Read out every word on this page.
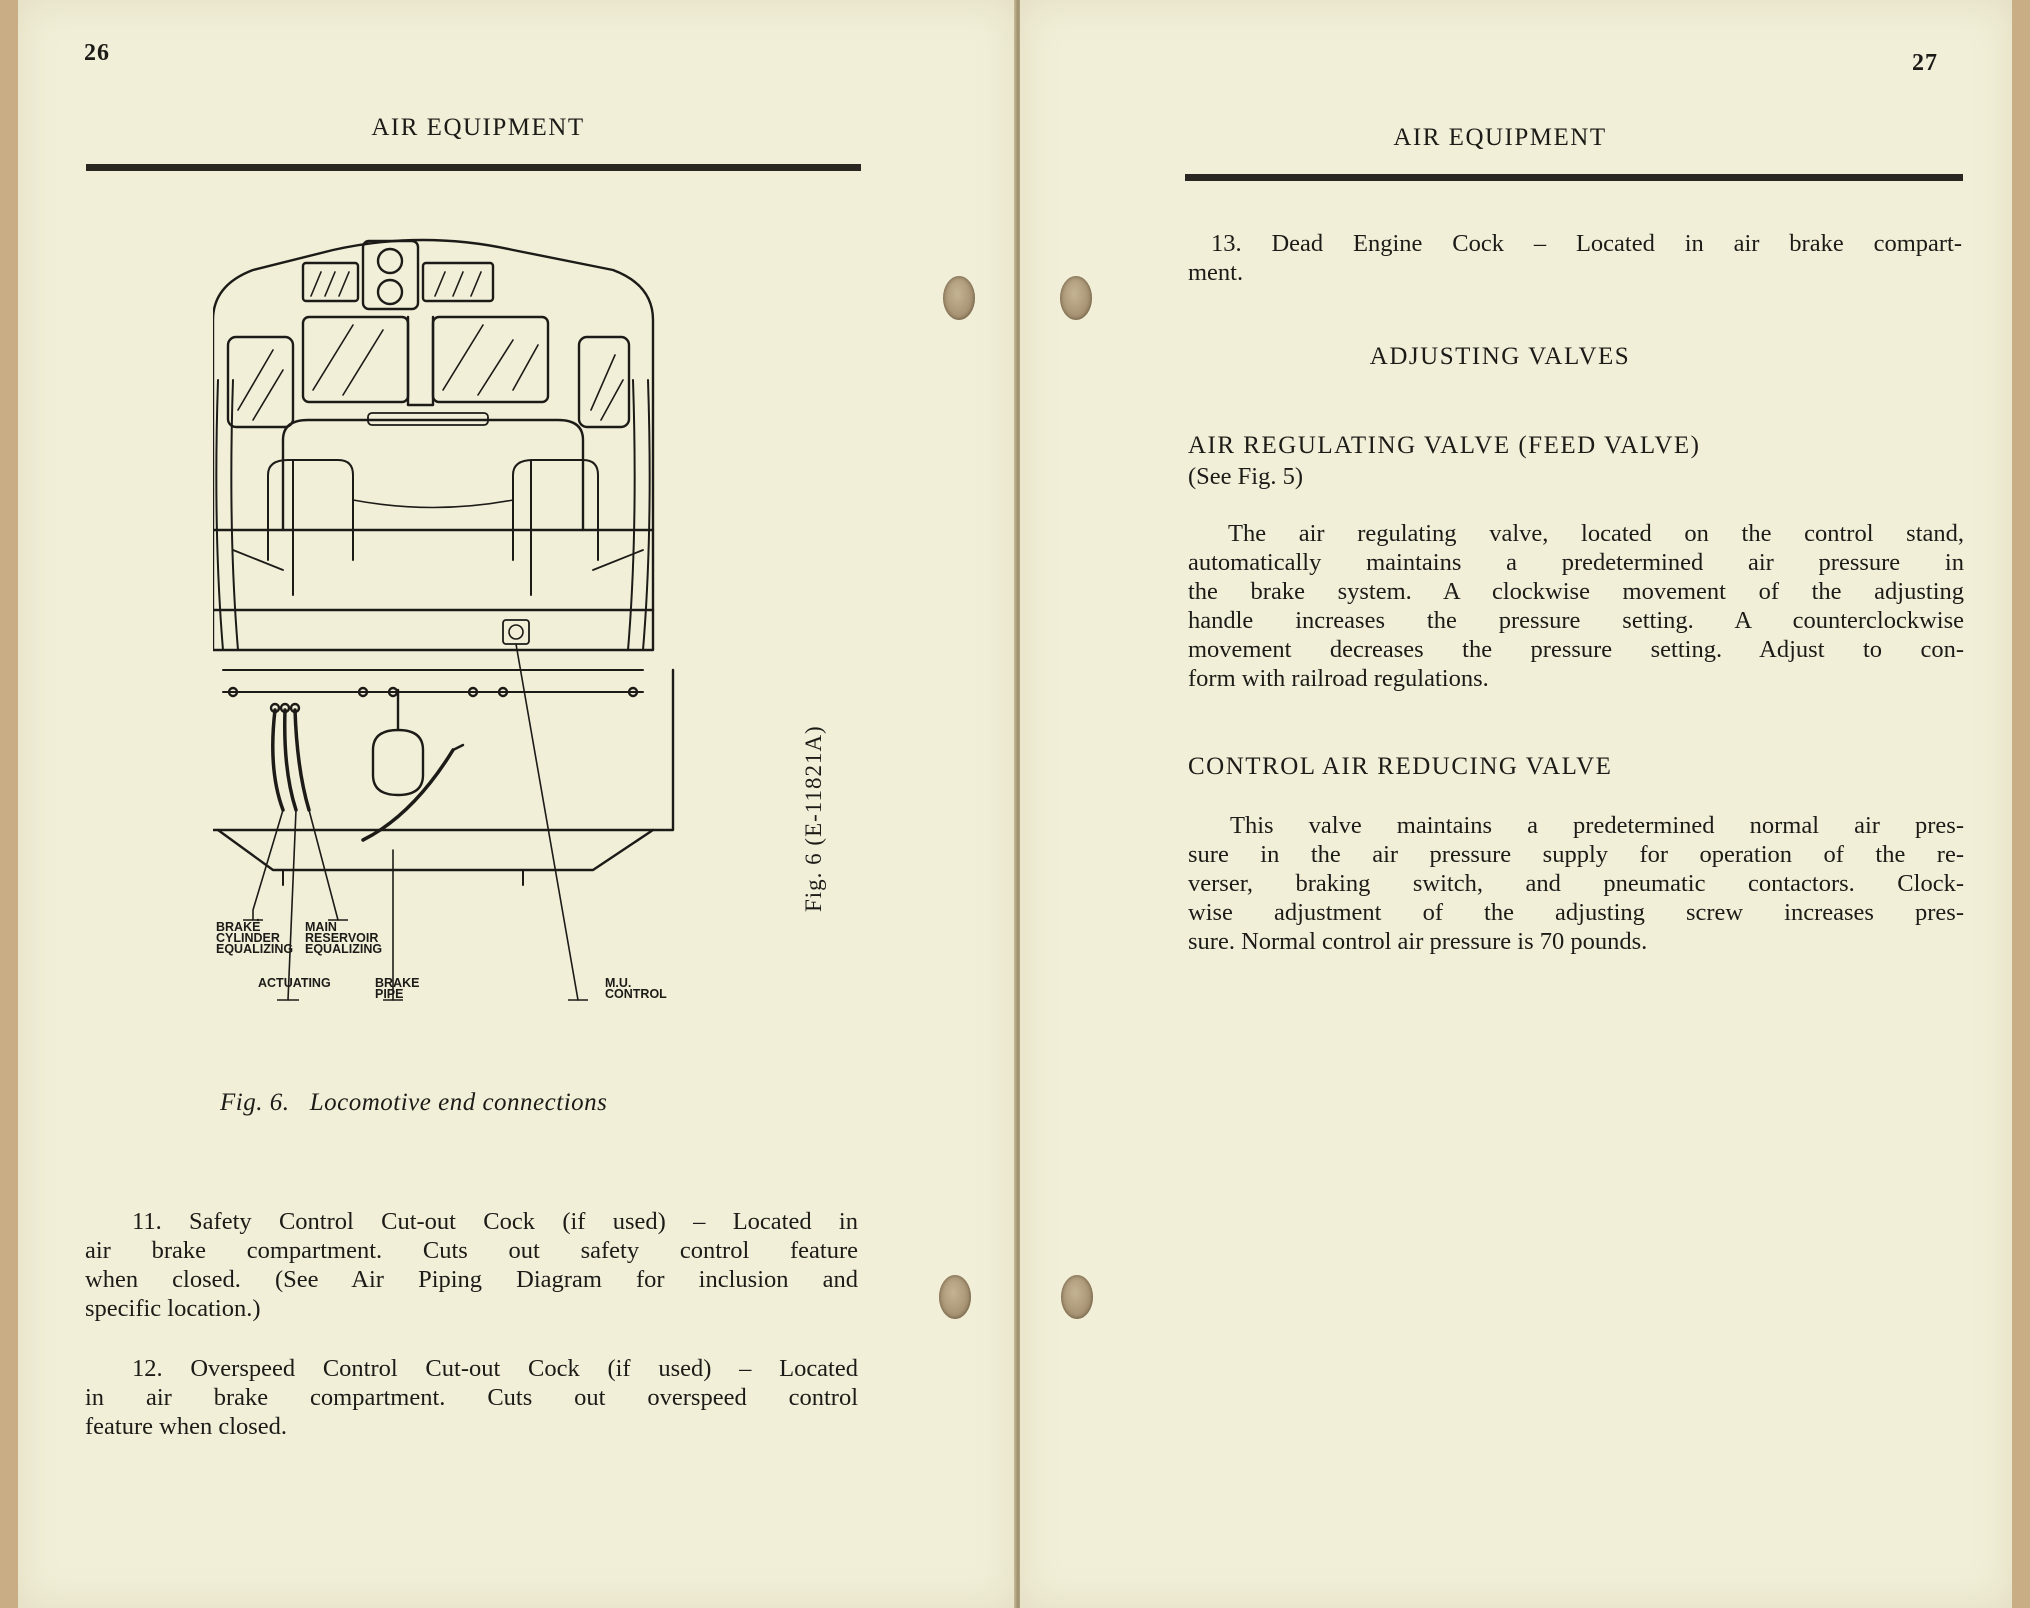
26
AIR EQUIPMENT
BRAKE
CYLINDER
EQUALIZING
MAIN
RESERVOIR
EQUALIZING
ACTUATING	BRAKE
PIPE
M.U.
CONTROL
Fig. 6. Locomotive end connections
Fig. 6 (E-11821A)
11. Safety Control Cut-out Cock (if used) – Located in
air brake compartment. Cuts out safety control feature
when closed. (See Air Piping Diagram for inclusion and
specific location.)
12. Overspeed Control Cut-out Cock (if used) – Located
in air brake compartment. Cuts out overspeed control
feature when closed.
27
AIR EQUIPMENT
13. Dead Engine Cock – Located in air brake compart-
ment.
ADJUSTING VALVES
AIR REGULATING VALVE (FEED VALVE)
(See Fig. 5)
The air regulating valve, located on the control stand,
automatically maintains a predetermined air pressure in
the brake system. A clockwise movement of the adjusting
handle increases the pressure setting. A counterclockwise
movement decreases the pressure setting. Adjust to con-
form with railroad regulations.
CONTROL AIR REDUCING VALVE
This valve maintains a predetermined normal air pres-
sure in the air pressure supply for operation of the re-
verser, braking switch, and pneumatic contactors. Clock-
wise adjustment of the adjusting screw increases pres-
sure. Normal control air pressure is 70 pounds.
